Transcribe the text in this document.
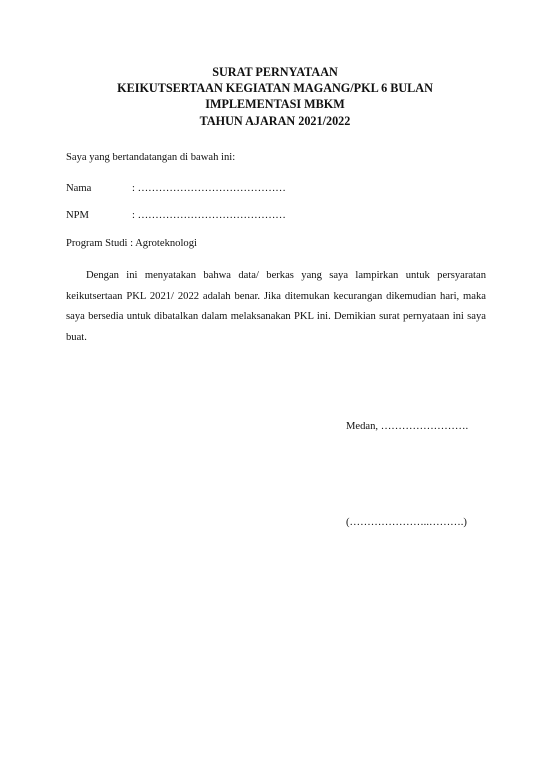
SURAT PERNYATAAN
KEIKUTSERTAAN KEGIATAN MAGANG/PKL 6 BULAN
IMPLEMENTASI MBKM
TAHUN AJARAN 2021/2022
Saya yang bertandatangan di bawah ini:
Nama	: ……………………………………
NPM	: ……………………………………
Program Studi : Agroteknologi
Dengan ini menyatakan bahwa data/ berkas yang saya lampirkan untuk persyaratan keikutsertaan PKL 2021/ 2022 adalah benar. Jika ditemukan kecurangan dikemudian hari, maka saya bersedia untuk dibatalkan dalam melaksanakan PKL ini. Demikian surat pernyataan ini saya buat.
Medan, …………………….
(…………………..……….)
